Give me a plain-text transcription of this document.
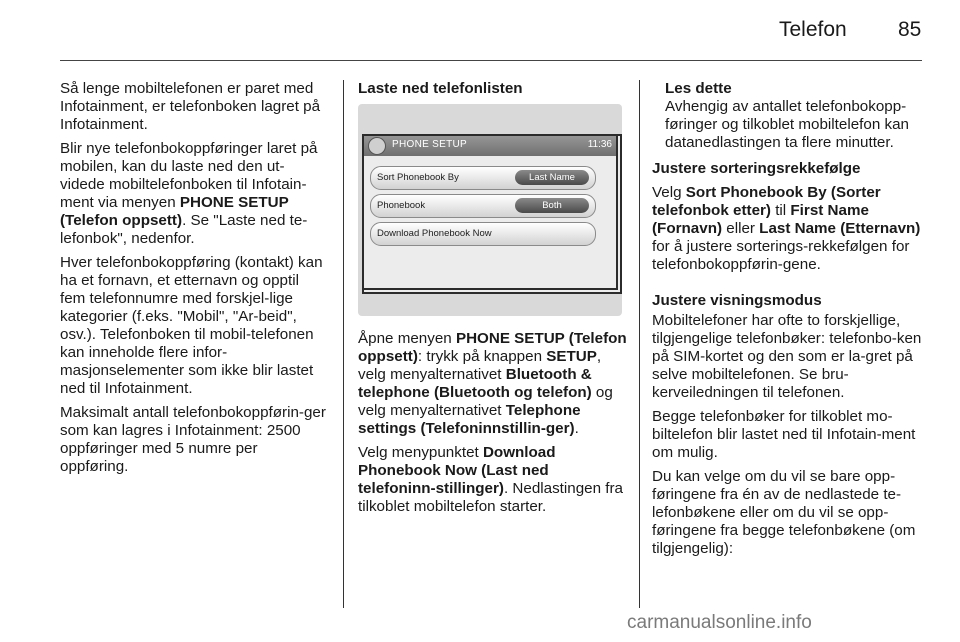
Telefon 85

Så lenge mobiltelefonen er paret med Infotainment, er telefonboken lagret på Infotainment.

Blir nye telefonbokoppføringer laret på mobilen, kan du laste ned den ut-videde mobiltelefonboken til Infotain-ment via menyen PHONE SETUP (Telefon oppsett). Se "Laste ned te-lefonbok", nedenfor.

Hver telefonbokoppføring (kontakt) kan ha et fornavn, et etternavn og opptil fem telefonnumre med forskjel-lige kategorier (f.eks. "Mobil", "Ar-beid", osv.). Telefonboken til mobil-telefonen kan inneholde flere infor-masjonselementer som ikke blir lastet ned til Infotainment.

Maksimalt antall telefonbokoppførin-ger som kan lagres i Infotainment: 2500 oppføringer med 5 numre per oppføring.

Laste ned telefonlisten

PHONE SETUP	11:36
Sort Phonebook By	Last Name
Phonebook	Both
Download Phonebook Now

Åpne menyen PHONE SETUP (Telefon oppsett): trykk på knappen SETUP, velg menyalternativet Bluetooth & telephone (Bluetooth og telefon) og velg menyalternativet Telephone settings (Telefoninnstillin-ger).

Velg menypunktet Download Phonebook Now (Last ned telefoninn-stillinger). Nedlastingen fra tilkoblet mobiltelefon starter.

Les dette
Avhengig av antallet telefonbokopp-føringer og tilkoblet mobiltelefon kan datanedlastingen ta flere minutter.

Justere sorteringsrekkefølge

Velg Sort Phonebook By (Sorter telefonbok etter) til First Name (Fornavn) eller Last Name (Etternavn) for å justere sorterings-rekkefølgen for telefonbokoppførin-gene.

Justere visningsmodus

Mobiltelefoner har ofte to forskjellige, tilgjengelige telefonbøker: telefonbo-ken på SIM-kortet og den som er la-gret på selve mobiltelefonen. Se bru-kerveiledningen til telefonen.

Begge telefonbøker for tilkoblet mo-biltelefon blir lastet ned til Infotain-ment om mulig.

Du kan velge om du vil se bare opp-føringene fra én av de nedlastede te-lefonbøkene eller om du vil se opp-føringene fra begge telefonbøkene (om tilgjengelig):

carmanualsonline.info
